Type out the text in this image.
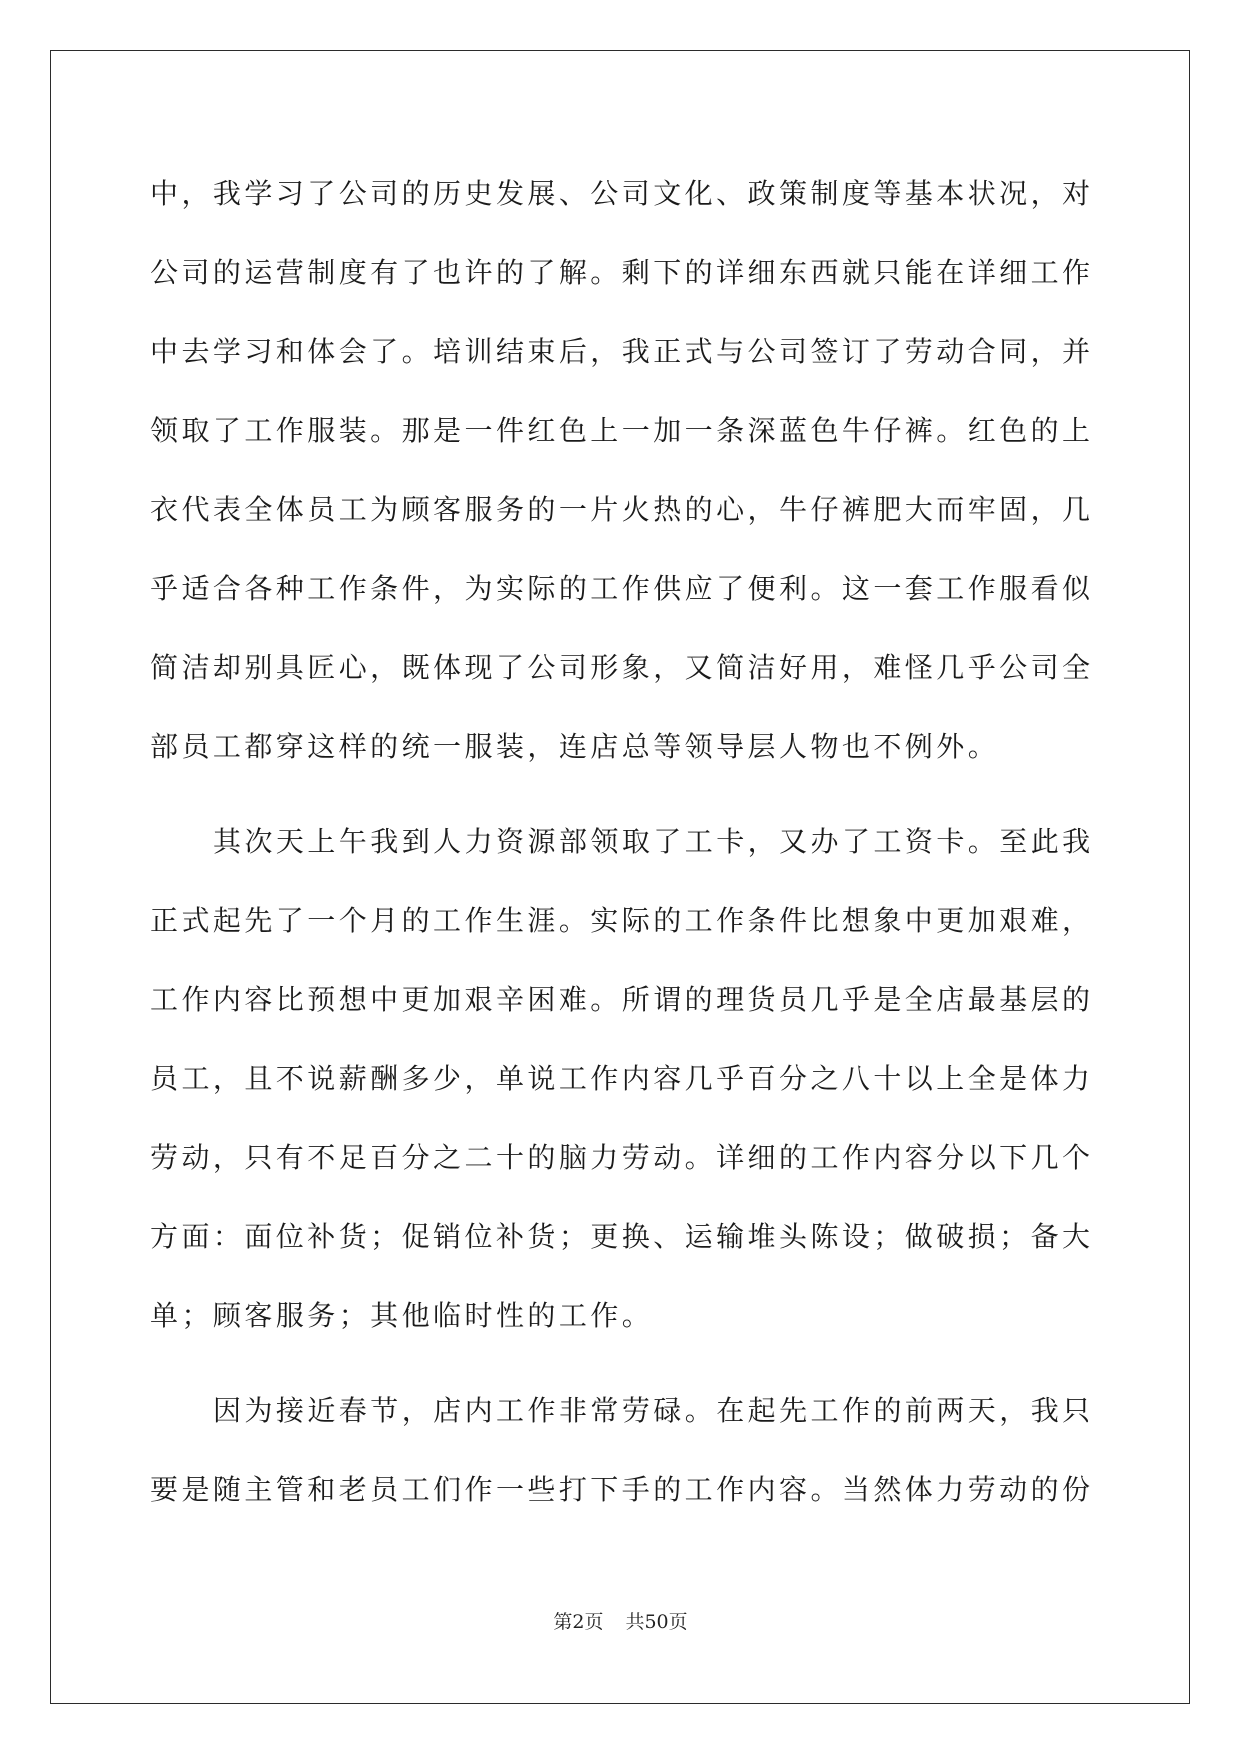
中，我学习了公司的历史发展、公司文化、政策制度等基本状况，对
公司的运营制度有了也许的了解。剩下的详细东西就只能在详细工作
中去学习和体会了。培训结束后，我正式与公司签订了劳动合同，并
领取了工作服装。那是一件红色上一加一条深蓝色牛仔裤。红色的上
衣代表全体员工为顾客服务的一片火热的心，牛仔裤肥大而牢固，几
乎适合各种工作条件，为实际的工作供应了便利。这一套工作服看似
简洁却别具匠心，既体现了公司形象，又简洁好用，难怪几乎公司全
部员工都穿这样的统一服装，连店总等领导层人物也不例外。
其次天上午我到人力资源部领取了工卡，又办了工资卡。至此我
正式起先了一个月的工作生涯。实际的工作条件比想象中更加艰难，
工作内容比预想中更加艰辛困难。所谓的理货员几乎是全店最基层的
员工，且不说薪酬多少，单说工作内容几乎百分之八十以上全是体力
劳动，只有不足百分之二十的脑力劳动。详细的工作内容分以下几个
方面：面位补货；促销位补货；更换、运输堆头陈设；做破损；备大
单；顾客服务；其他临时性的工作。
因为接近春节，店内工作非常劳碌。在起先工作的前两天，我只
要是随主管和老员工们作一些打下手的工作内容。当然体力劳动的份
第2页 共50页
